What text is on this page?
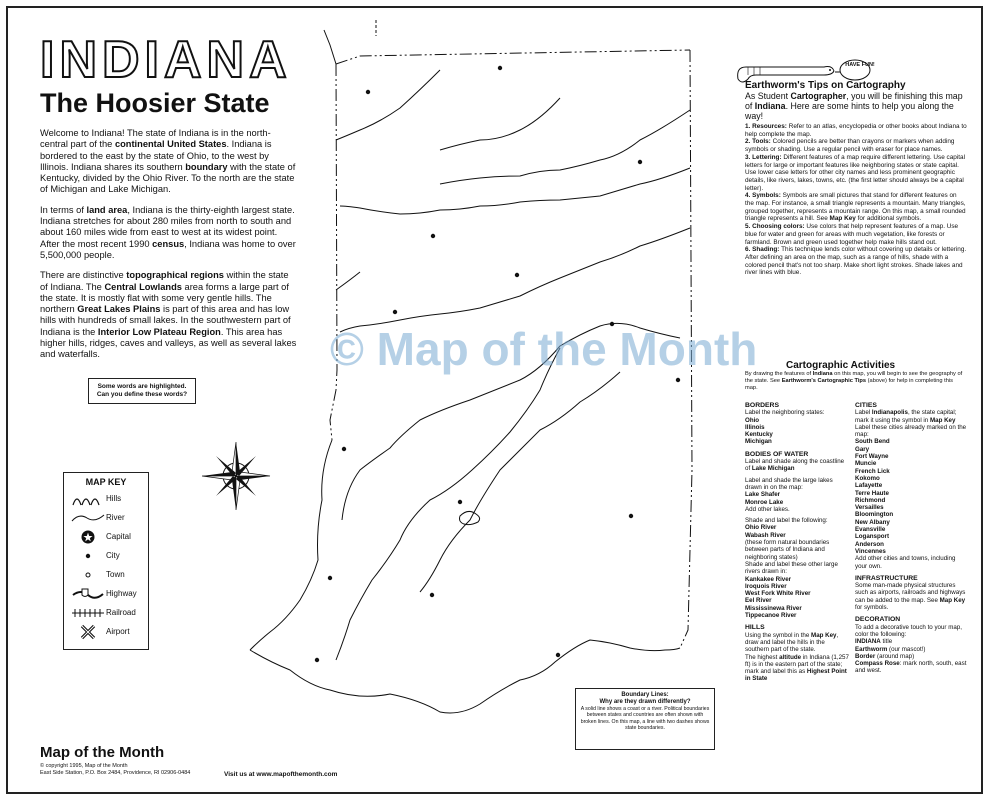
INDIANA
The Hoosier State

Welcome to Indiana! The state of Indiana is in the north-central part of the continental United States. Indiana is bordered to the east by the state of Ohio, to the west by Illinois. Indiana shares its southern boundary with the state of Kentucky, divided by the Ohio River. To the north are the state of Michigan and Lake Michigan.

In terms of land area, Indiana is the thirty-eighth largest state. Indiana stretches for about 280 miles from north to south and about 160 miles wide from east to west at its widest point. After the most recent 1990 census, Indiana was home to over 5,500,000 people.

There are distinctive topographical regions within the state of Indiana. The Central Lowlands area forms a large part of the state. It is mostly flat with some very gentle hills. The northern Great Lakes Plains is part of this area and has low hills with hundreds of small lakes. In the southwestern part of Indiana is the Interior Low Plateau Region. This area has higher hills, ridges, caves and valleys, as well as several lakes and waterfalls.

Some words are highlighted.
Can you define these words?
MAP KEY
Hills
River
Capital
City
Town
Highway
Railroad
Airport
© Map of the Month
Boundary Lines:
Why are they drawn differently?
A solid line shows a coast or a river. Political boundaries between states and countries are often shown with broken lines. On this map, a line with two dashes shows state boundaries.
Map of the Month
© copyright 1995, Map of the Month
East Side Station, P.O. Box 2484, Providence, RI 02906-0484	Visit us at www.mapofthemonth.com
HAVE FUN!
Earthworm's Tips on Cartography
As Student Cartographer, you will be finishing this map of Indiana. Here are some hints to help you along the way!

1. Resources: Refer to an atlas, encyclopedia or other books about Indiana to help complete the map.

2. Tools: Colored pencils are better than crayons or markers when adding symbols or shading. Use a regular pencil with eraser for place names.

3. Lettering: Different features of a map require different lettering. Use capital letters for large or important features like neighboring states or state capital. Use lower case letters for other city names and less prominent geographic details, like rivers, lakes, towns, etc. (the first letter should always be a capital letter).

4. Symbols: Symbols are small pictures that stand for different features on the map. For instance, a small triangle represents a mountain. Many triangles, grouped together, represents a mountain range. On this map, a small rounded triangle represents a hill. See Map Key for additional symbols.

5. Choosing colors: Use colors that help represent features of a map. Use blue for water and green for areas with much vegetation, like forests or farmland. Brown and green used together help make hills stand out.

6. Shading: This technique lends color without covering up details or lettering. After defining an area on the map, such as a range of hills, shade with a colored pencil that's not too sharp. Make short light strokes. Shade lakes and river lines with blue.

Cartographic Activities
By drawing the features of Indiana on this map, you will begin to see the geography of the state. See Earthworm's Cartographic Tips (above) for help in completing this map.
BORDERS
Label the neighboring states:
Ohio
Illinois
Kentucky
Michigan
BODIES OF WATER
Label and shade along the coastline of Lake Michigan
Label and shade the large lakes drawn in on the map:
Lake Shafer
Monroe Lake
Add other lakes.
Shade and label the following:
Ohio River
Wabash River
(these form natural boundaries between parts of Indiana and neighboring states)
Shade and label these other large rivers drawn in:
Kankakee River
Iroquois River
West Fork White River
Eel River
Mississinewa River
Tippecanoe River
HILLS
Using the symbol in the Map Key, draw and label the hills in the southern part of the state.
The highest altitude in Indiana (1,257 ft) is in the eastern part of the state; mark and label this as Highest Point in State
CITIES
Label Indianapolis, the state capital; mark it using the symbol in Map Key
Label these cities already marked on the map:
South Bend
Gary
Fort Wayne
Muncie
French Lick
Kokomo
Lafayette
Terre Haute
Richmond
Versailles
Bloomington
New Albany
Evansville
Logansport
Anderson
Vincennes
Add other cities and towns, including your own.
INFRASTRUCTURE
Some man-made physical structures such as airports, railroads and highways can be added to the map. See Map Key for symbols.
DECORATION
To add a decorative touch to your map, color the following:
INDIANA title
Earthworm (our mascot!)
Border (around map)
Compass Rose: mark north, south, east and west.
